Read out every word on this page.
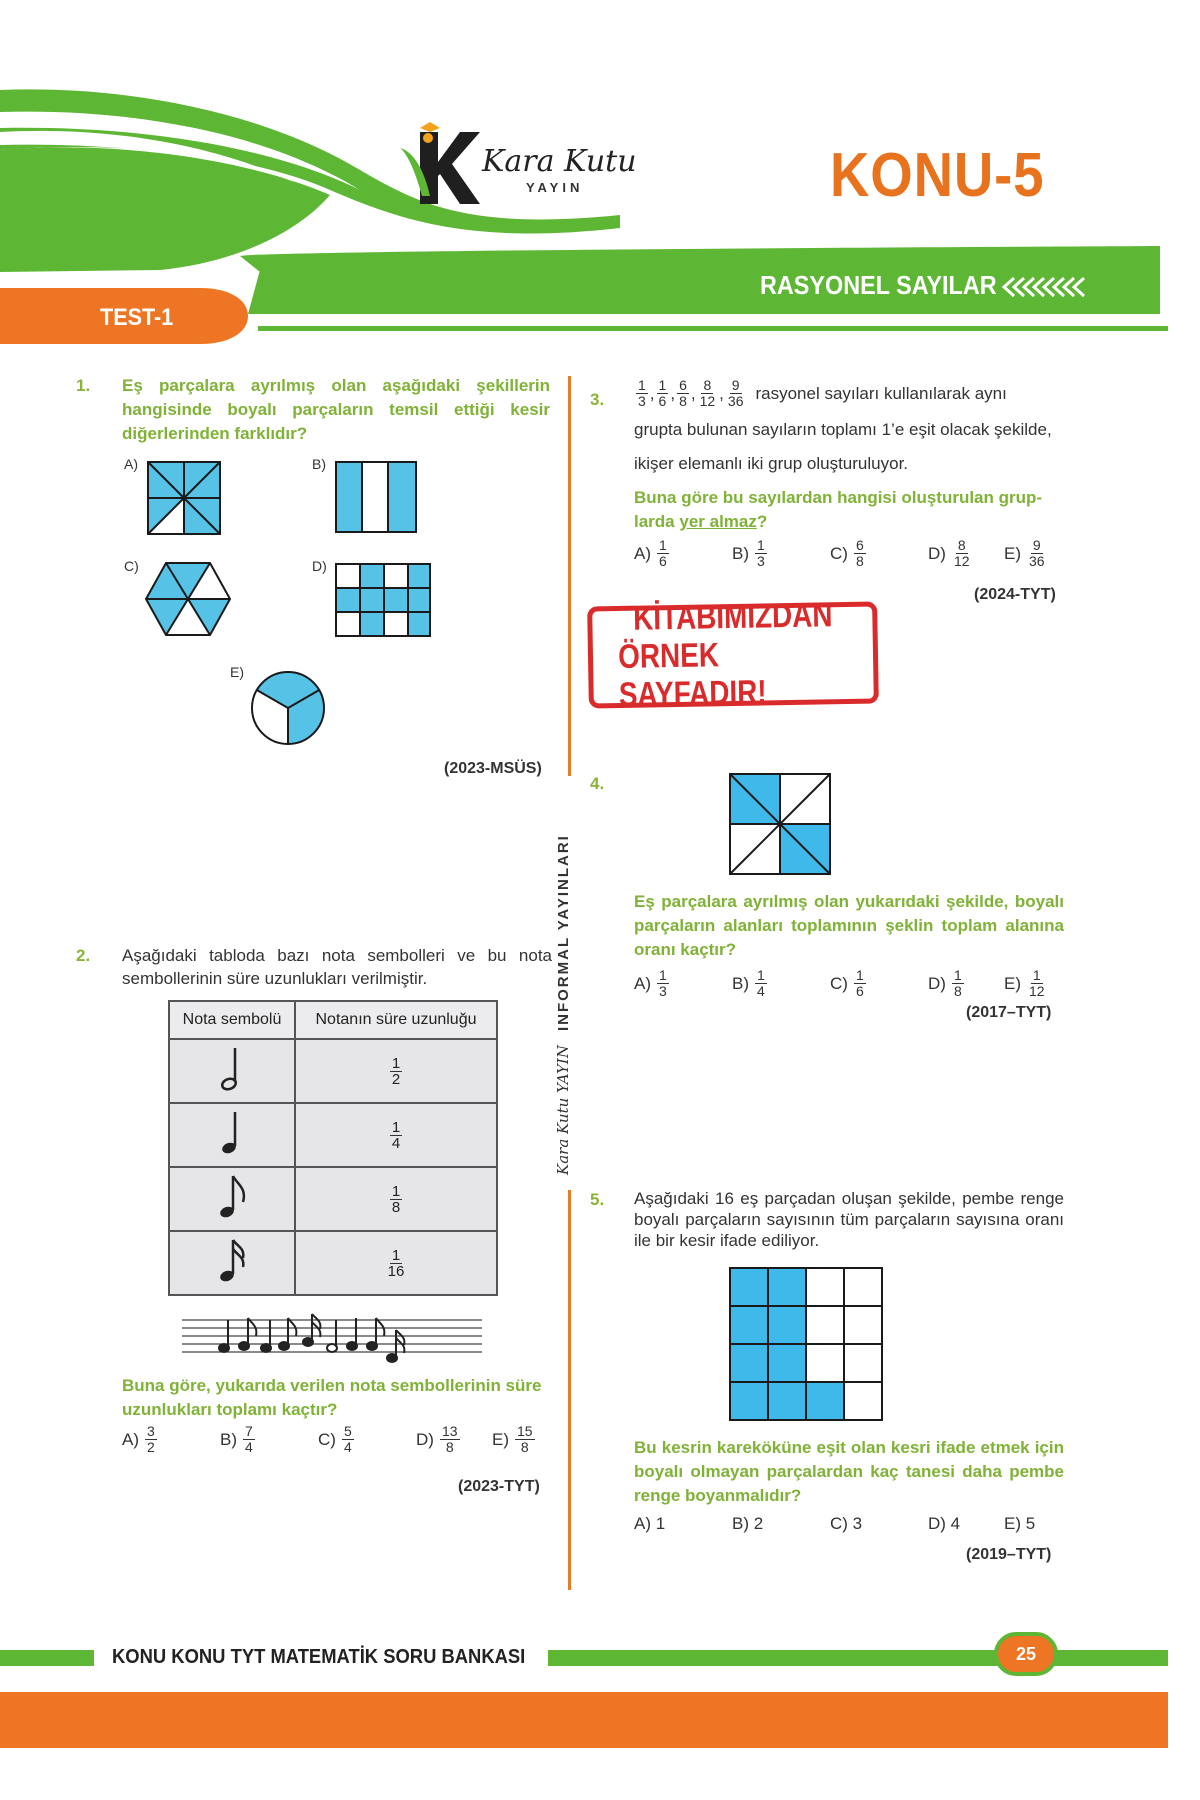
Kara Kutu
YAYIN	KONU-5
RASYONEL SAYILAR
TEST-1
Kara Kutu YAYIN
INFORMAL YAYINLARI
1. Eş parçalara ayrılmış olan aşağıdaki şekillerin hangisinde boyalı parçaların temsil ettiği kesir diğerlerinden farklıdır?
A)	B)
C)	D)
E)
(2023-MSÜS)
2. Aşağıdaki tabloda bazı nota sembolleri ve bu nota sembollerinin süre uzunlukları verilmiştir.
Nota sembolü	Notanın süre uzunluğu

$\frac{1}{2}$

$\frac{1}{4}$

$\frac{1}{8}$

$\frac{1}{16}$
Buna göre, yukarıda verilen nota sembollerinin süre uzunlukları toplamı kaçtır?
$A) \frac{3}{2}$	$B) \frac{7}{4}$	$C) \frac{5}{4}$	$D) \frac{13}{8} E) \frac{15}{8}$
(2023-TYT)
3. $\frac{1}{3}$ , $\frac{1}{6}$ , $\frac{6}{8}$ , $\frac{8}{12}$ , $\frac{9}{36}$ rasyonel sayıları kullanılarak aynı
grupta bulunan sayıların toplamı 1’e eşit olacak şekilde,
ikişer elemanlı iki grup oluşturuluyor.
Buna göre bu sayılardan hangisi oluşturulan grup-
larda yer almaz?
$A) \frac{1}{6}$	$B) \frac{1}{3}$	$C) \frac{6}{8}$	$D) \frac{8}{12} E) \frac{9}{36}$
(2024-TYT)
KİTABIMIZDAN
ÖRNEK SAYFADIR!
4.
Eş parçalara ayrılmış olan yukarıdaki şekilde, boyalı parçaların alanları toplamının şeklin toplam alanına oranı kaçtır?
$A) \frac{1}{3}$	$B) \frac{1}{4}$	$C) \frac{1}{6}$	$D) \frac{1}{8} E) \frac{1}{12}$
(2017–TYT)
5. Aşağıdaki 16 eş parçadan oluşan şekilde, pembe renge boyalı parçaların sayısının tüm parçaların sayısına oranı ile bir kesir ifade ediliyor.
Bu kesrin kareköküne eşit olan kesri ifade etmek için boyalı olmayan parçalardan kaç tanesi daha pembe renge boyanmalıdır?
A) 1	B) 2	C) 3	D) 4	E) 5
(2019–TYT)
KONU KONU TYT MATEMATİK SORU BANKASI	25
